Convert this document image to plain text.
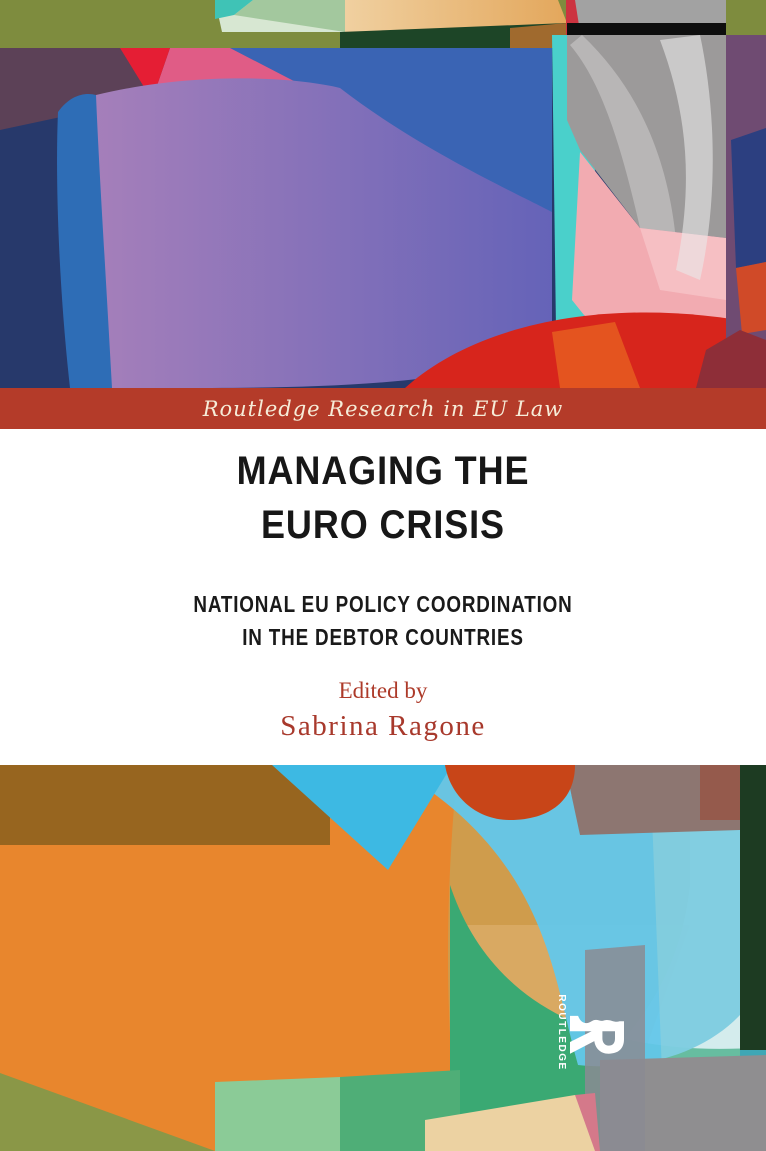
Routledge Research in EU Law
MANAGING THE
EURO CRISIS
NATIONAL EU POLICY COORDINATION
IN THE DEBTOR COUNTRIES
Edited by
Sabrina Ragone
ROUTLEDGE
